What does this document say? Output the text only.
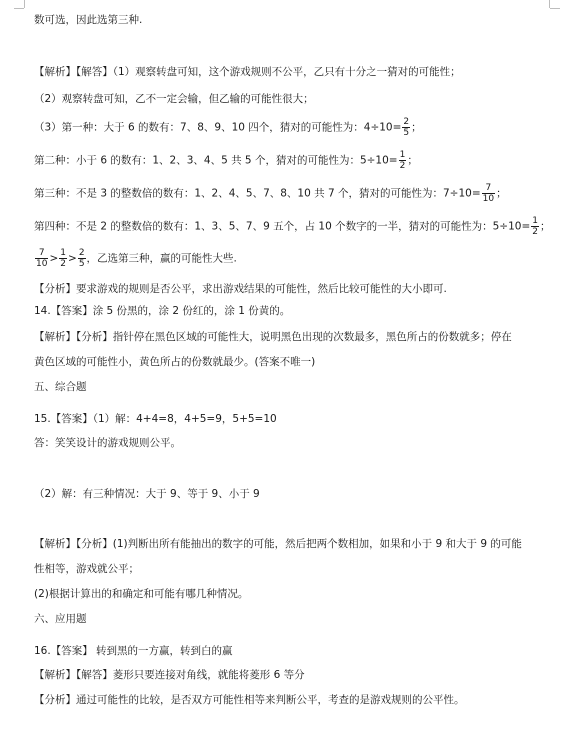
数可选，因此选第三种.
【解析】【解答】（1）观察转盘可知，这个游戏规则不公平，乙只有十分之一猜对的可能性；
（2）观察转盘可知，乙不一定会输，但乙输的可能性很大；
（3）第一种：大于 6 的数有：7、8、9、10 四个，猜对的可能性为：$4\div 10= \frac{2}{5}$ ；
第二种：小于 6 的数有：1、2、3、4、5 共 5 个，猜对的可能性为：$5\div 10= \frac{1}{2}$ ；
第三种：不是 3 的整数倍的数有：1、2、4、5、7、8、10 共 7 个，猜对的可能性为：$7\div 10= \frac{7}{10}$ ；
第四种：不是 2 的整数倍的数有：1、3、5、7、9 五个，占 10 个数字的一半，猜对的可能性为：$5\div 10= \frac{1}{2}$ ；
$\frac{7}{10} > \frac{1}{2} > \frac{2}{5}$ ，乙选第三种，赢的可能性大些.
【分析】要求游戏的规则是否公平，求出游戏结果的可能性，然后比较可能性的大小即可.
14.【答案】涂 5 份黑的，涂 2 份红的，涂 1 份黄的。
【解析】【分析】指针停在黑色区域的可能性大，说明黑色出现的次数最多，黑色所占的份数就多；停在
黄色区域的可能性小，黄色所占的份数就最少。(答案不唯一)
五、综合题
15.【答案】（1）解：4+4=8，4+5=9，5+5=10
答：笑笑设计的游戏规则公平。
（2）解：有三种情况：大于 9、等于 9、小于 9
【解析】【分析】(1)判断出所有能抽出的数字的可能，然后把两个数相加，如果和小于 9 和大于 9 的可能
性相等，游戏就公平；
(2)根据计算出的和确定和可能有哪几种情况。
六、应用题
16.【答案】 转到黑的一方赢，转到白的赢
【解析】【解答】菱形只要连接对角线，就能将菱形 6 等分
【分析】通过可能性的比较，是否双方可能性相等来判断公平，考查的是游戏规则的公平性。
